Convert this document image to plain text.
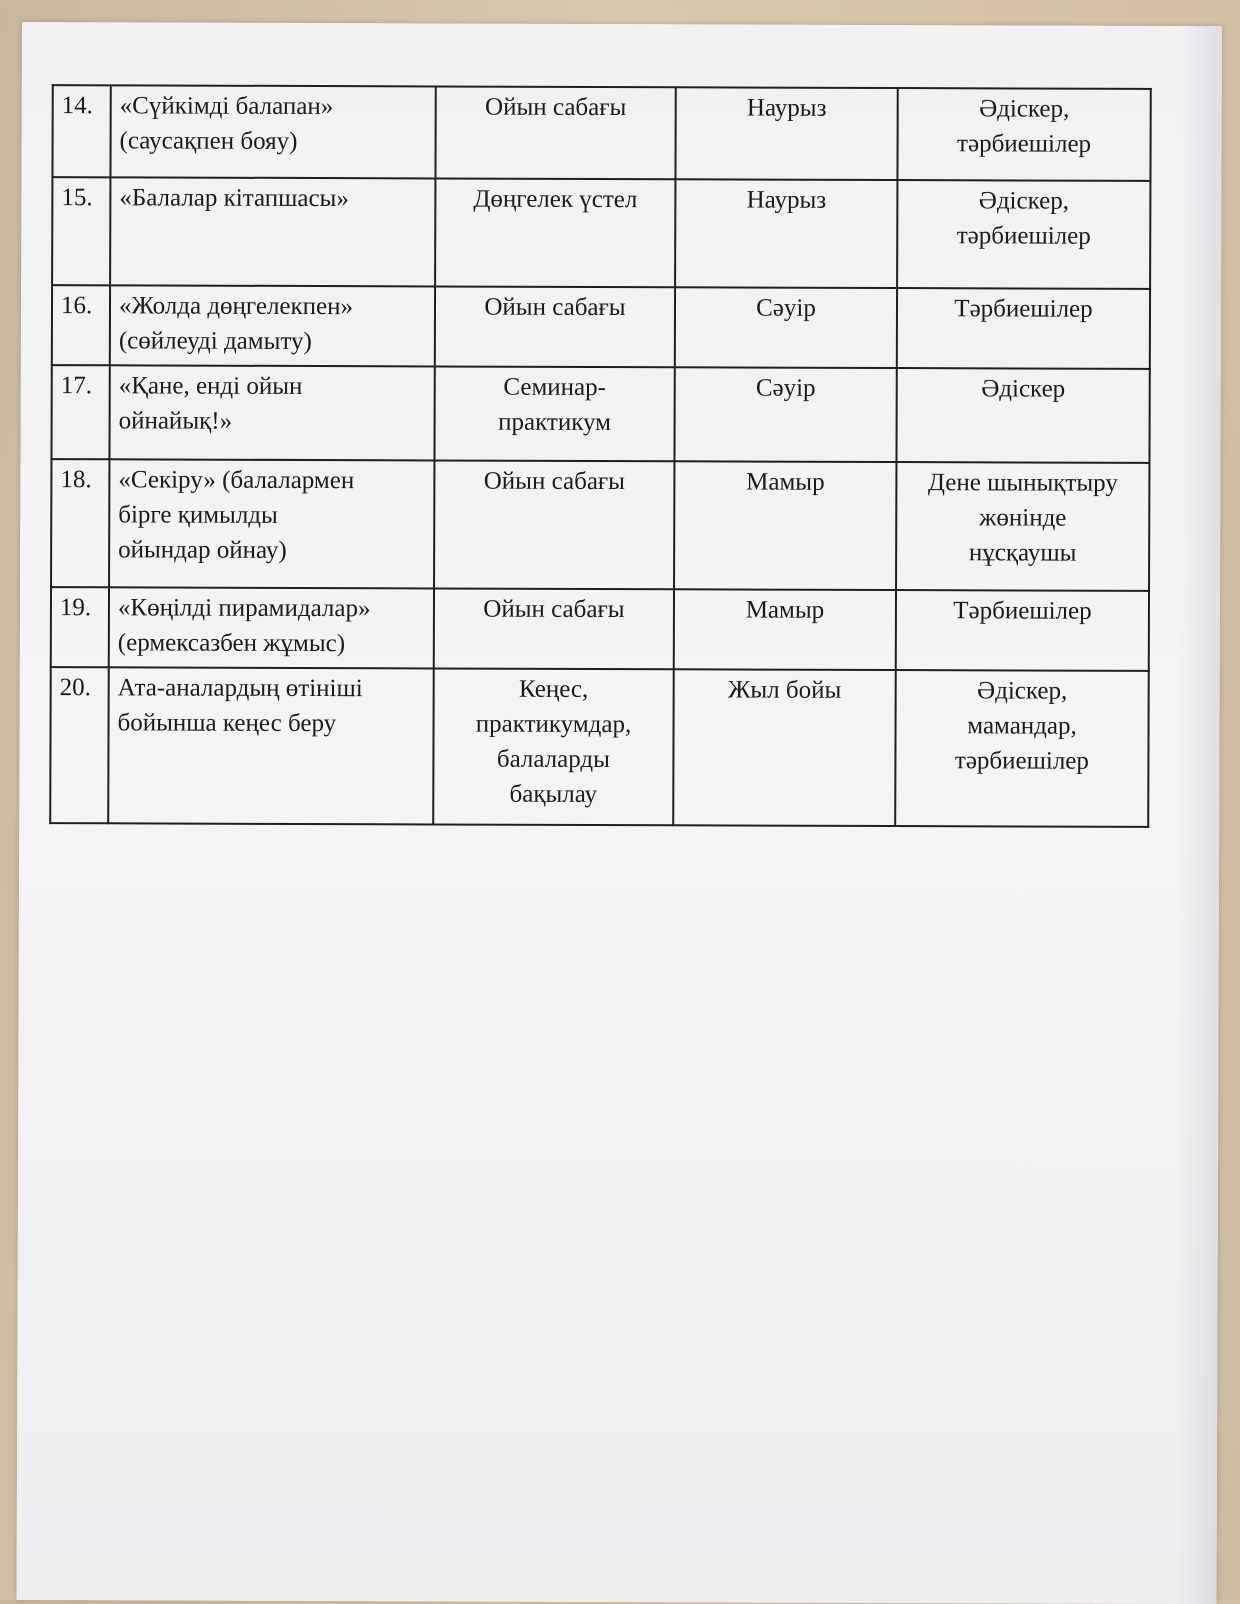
14.	«Сүйкімді балапан»
(саусақпен бояу)	Ойын сабағы	Наурыз	Әдіскер,
тәрбиешілер

15.	«Балалар кітапшасы»	Дөңгелек үстел	Наурыз	Әдіскер,
тәрбиешілер

16.	«Жолда дөңгелекпен»
(сөйлеуді дамыту)	Ойын сабағы	Сәуір	Тәрбиешілер

17.	«Қане, енді ойын
ойнайық!»	Семинар-
практикум	Сәуір	Әдіскер

18.	«Секіру» (балалармен
бірге қимылды
ойындар ойнау)	Ойын сабағы	Мамыр	Дене шынықтыру
жөнінде
нұсқаушы

19.	«Көңілді пирамидалар»
(ермексазбен жұмыс)	Ойын сабағы	Мамыр	Тәрбиешілер

20.	Ата-аналардың өтініші
бойынша кеңес беру	Кеңес,
практикумдар,
балаларды
бақылау	Жыл бойы	Әдіскер,
мамандар,
тәрбиешілер
